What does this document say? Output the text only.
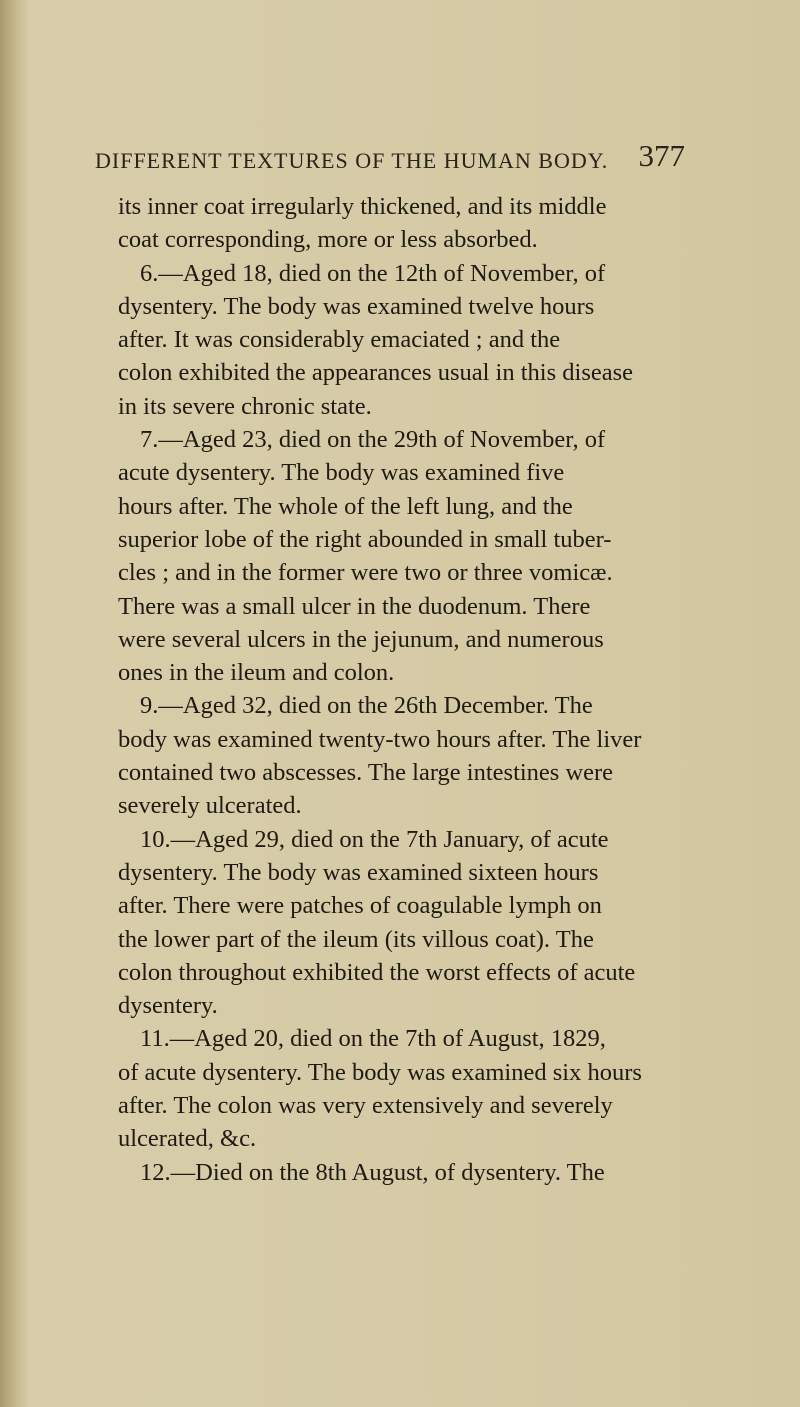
DIFFERENT TEXTURES OF THE HUMAN BODY. 377

its inner coat irregularly thickened, and its middle
coat corresponding, more or less absorbed.

6.—Aged 18, died on the 12th of November, of
dysentery. The body was examined twelve hours
after. It was considerably emaciated ; and the
colon exhibited the appearances usual in this disease
in its severe chronic state.

7.—Aged 23, died on the 29th of November, of
acute dysentery. The body was examined five
hours after. The whole of the left lung, and the
superior lobe of the right abounded in small tuber-
cles ; and in the former were two or three vomicæ.
There was a small ulcer in the duodenum. There
were several ulcers in the jejunum, and numerous
ones in the ileum and colon.

9.—Aged 32, died on the 26th December. The
body was examined twenty-two hours after. The liver
contained two abscesses. The large intestines were
severely ulcerated.

10.—Aged 29, died on the 7th January, of acute
dysentery. The body was examined sixteen hours
after. There were patches of coagulable lymph on
the lower part of the ileum (its villous coat). The
colon throughout exhibited the worst effects of acute
dysentery.

11.—Aged 20, died on the 7th of August, 1829,
of acute dysentery. The body was examined six hours
after. The colon was very extensively and severely
ulcerated, &c.

12.—Died on the 8th August, of dysentery. The
